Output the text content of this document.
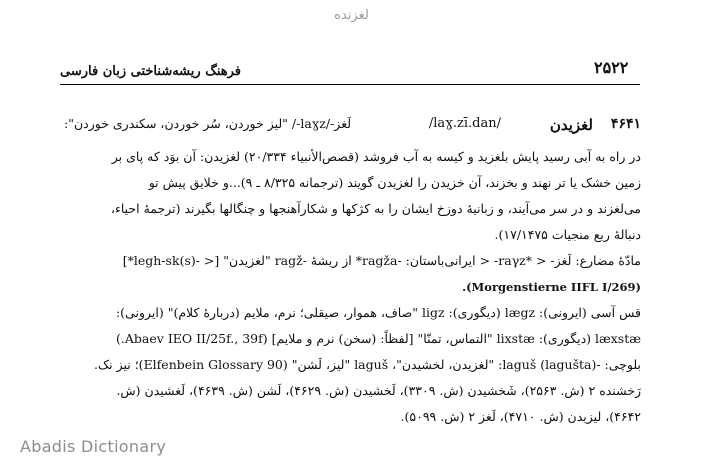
لغزنده
۲۵۲۲
فرهنگ ریشه‌شناختی زبان فارسی
۴۶۴۱
لغزیدن
/laɣ.zī.dan/
لَغز-/laɣz-/ "لیز خوردن، سُر خوردن، سکندری خوردن":
در راه به آبی رسید پایش بلغزید و کیسه به آب فروشد (قصص‌الأنبیاء ۲۰/۳۳۴) لغزیدن: آن بوَد که پای بر
زمین خشک یا تر نهند و بخزند، آن خزیدن را لغزیدن گویند (ترجمانه ۸/۳۲۵ ـ ۹)...و خلایق پیش تو
می‌لغزند و در سر می‌آیند، و زبانیهٔ دوزخ ایشان را به کژکها و شکارآهنجها و چنگالها بگیرند (ترجمهٔ احیاء،
دنبالهٔ ربع منجیات ۱۷/۱۴۷۵).
مادّهٔ مضارع: لَغز- < *raγz- < ایرانی‌باستان: -ragža* از ریشهٔ -ragž "لغزیدن" [< -(s)legh-sk*]
(Morgenstierne IIFL I/269).
قس آسی (ایرونی): lægz (دیگوری): ligz "صاف، هموار، صیقلی؛ نرم، ملایم (دربارهٔ کلام)" (ایرونی):
læxstæ (دیگوری): lixstæ "التماس، تمنّا" [لفظاً: (سخن) نرم و ملایم] (Abaev IEO II/25f., 39f.)
بلوچی: -laguš (lagušta): "لغزیدن، لخشیدن"، laguš "لیز، لَشن" (Elfenbein Glossary 90)؛ نیز نک.
رَخشنده ۲ (ش. ۲۵۶۳)، شَخشیدن (ش. ۳۳۰۹)، لَخشیدن (ش. ۴۶۲۹)، لَشن (ش. ۴۶۳۹)، لَغشیدن (ش.
۴۶۴۲)، لیزیدن (ش. ۴۷۱۰)، لَغز ۲ (ش. ۵۰۹۹).
Abadis Dictionary
